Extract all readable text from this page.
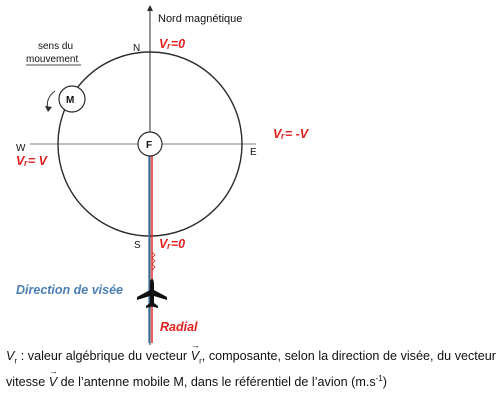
Nord magnétique
N
S
E
W	F
M
sens du
mouvement
Vᵣ=0
Vᵣ=0
Vᵣ= -V
Vᵣ= V
Direction de visée
Radial
$V_r$ : valeur algébrique du vecteur → $V_r$, composante, selon la direction de visée, du vecteur vitesse → V de l’antenne mobile M, dans le référentiel de l’avion $(m.s^{-1})$
